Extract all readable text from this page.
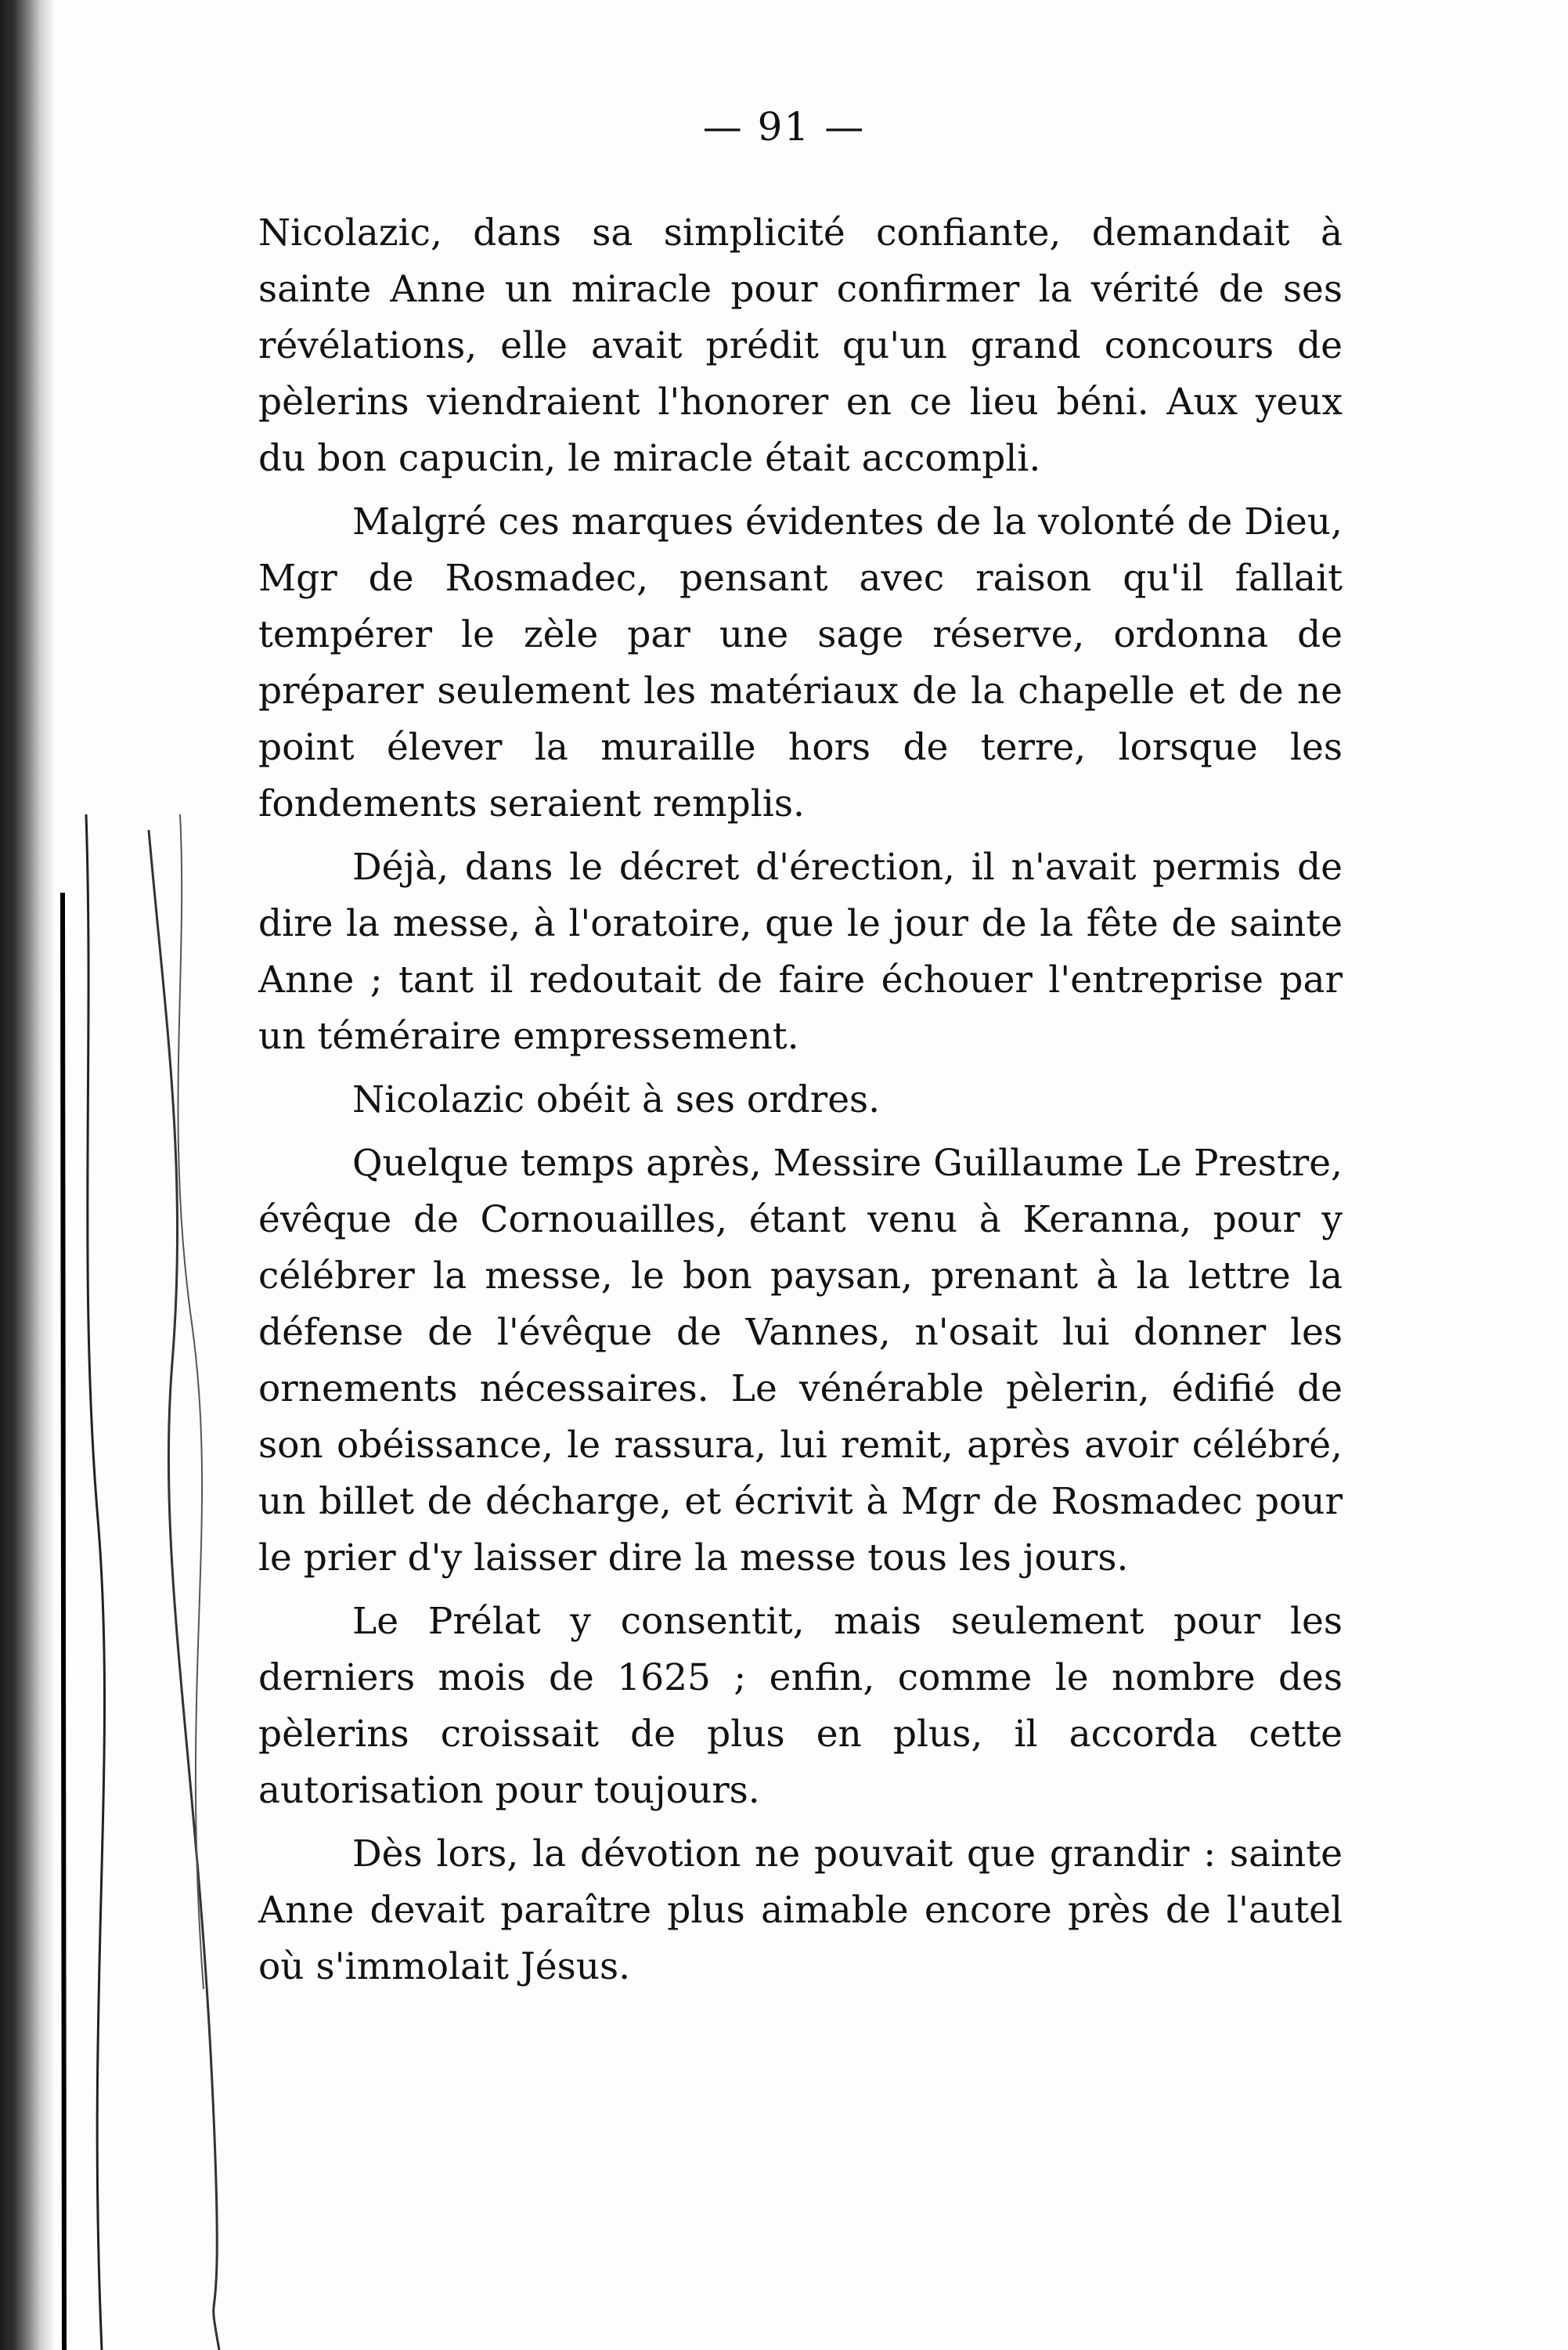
— 91 —

Nicolazic, dans sa simplicité confiante, demandait à sainte Anne un miracle pour confirmer la vérité de ses révélations, elle avait prédit qu'un grand concours de pèlerins viendraient l'honorer en ce lieu béni. Aux yeux du bon capucin, le miracle était accompli.

Malgré ces marques évidentes de la volonté de Dieu, Mgr de Rosmadec, pensant avec raison qu'il fallait tempérer le zèle par une sage réserve, ordonna de préparer seulement les matériaux de la chapelle et de ne point élever la muraille hors de terre, lorsque les fondements seraient remplis.

Déjà, dans le décret d'érection, il n'avait permis de dire la messe, à l'oratoire, que le jour de la fête de sainte Anne ; tant il redoutait de faire échouer l'entreprise par un téméraire empressement.

Nicolazic obéit à ses ordres.

Quelque temps après, Messire Guillaume Le Prestre, évêque de Cornouailles, étant venu à Keranna, pour y célébrer la messe, le bon paysan, prenant à la lettre la défense de l'évêque de Vannes, n'osait lui donner les ornements nécessaires. Le vénérable pèlerin, édifié de son obéissance, le rassura, lui remit, après avoir célébré, un billet de décharge, et écrivit à Mgr de Rosmadec pour le prier d'y laisser dire la messe tous les jours.

Le Prélat y consentit, mais seulement pour les derniers mois de 1625 ; enfin, comme le nombre des pèlerins croissait de plus en plus, il accorda cette autorisation pour toujours.

Dès lors, la dévotion ne pouvait que grandir : sainte Anne devait paraître plus aimable encore près de l'autel où s'immolait Jésus.
